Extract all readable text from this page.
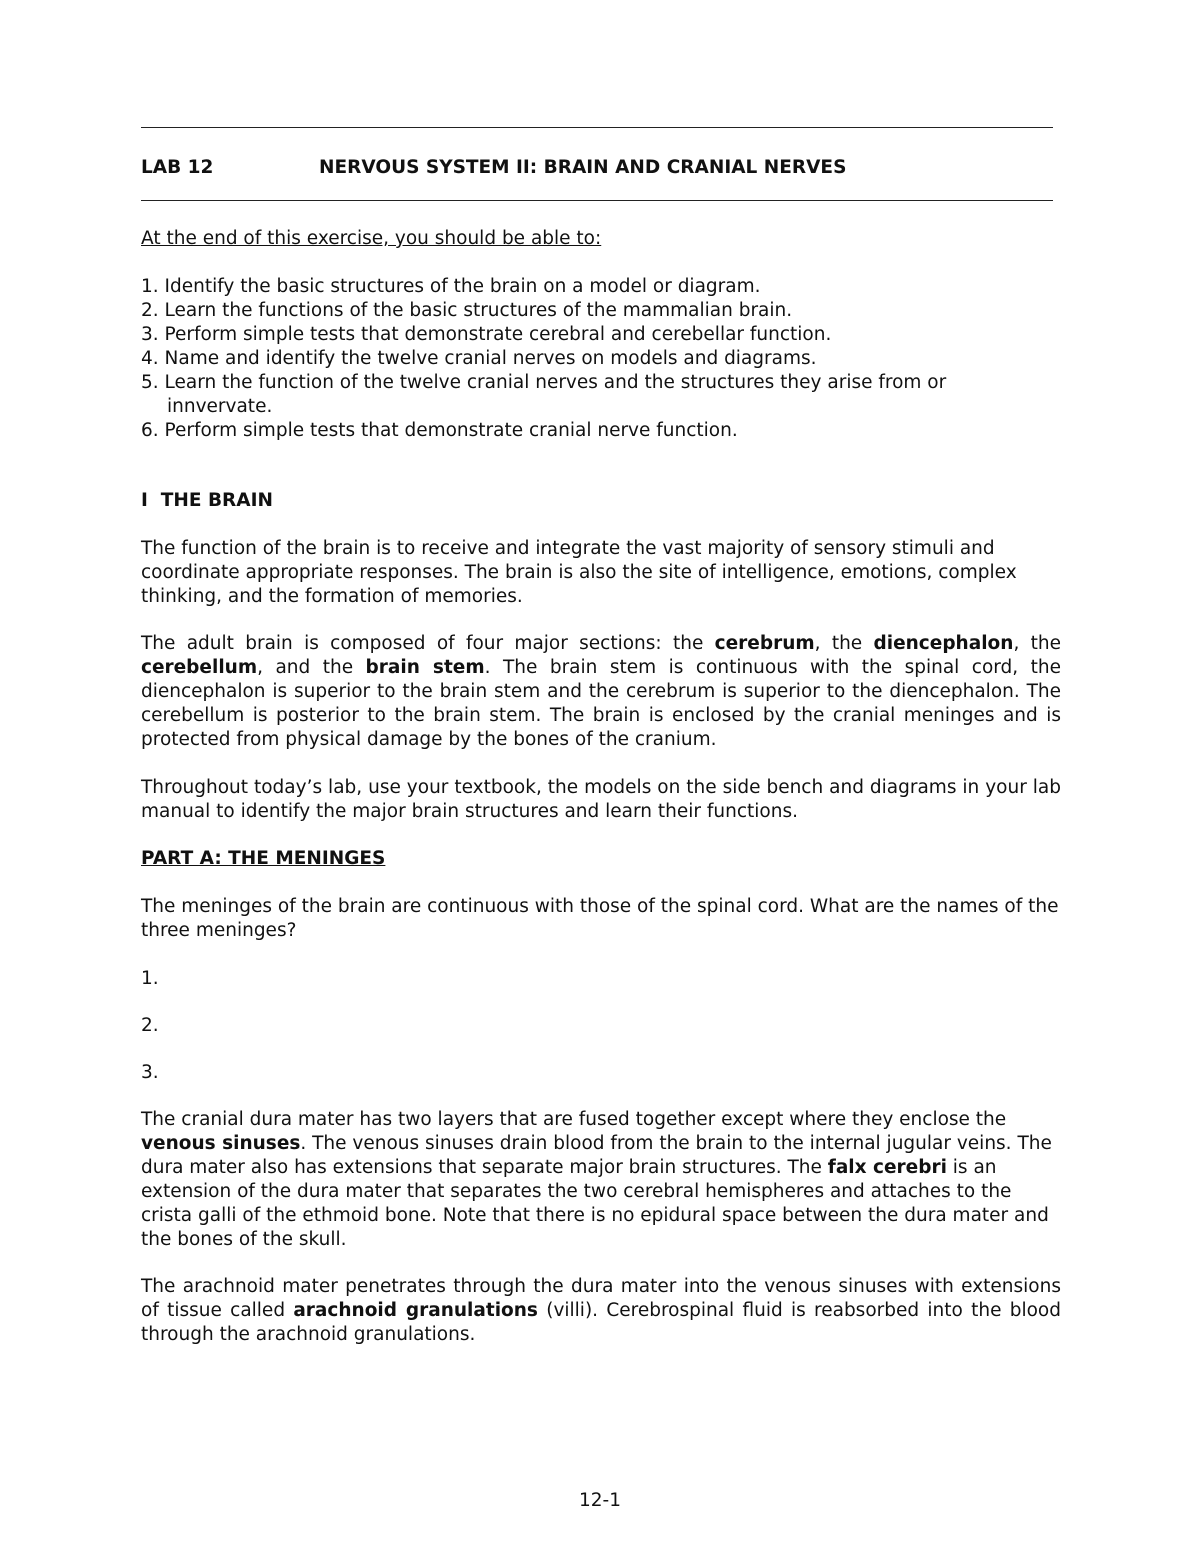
LAB 12	NERVOUS SYSTEM II: BRAIN AND CRANIAL NERVES

At the end of this exercise, you should be able to:

1. Identify the basic structures of the brain on a model or diagram.
2. Learn the functions of the basic structures of the mammalian brain.
3. Perform simple tests that demonstrate cerebral and cerebellar function.
4. Name and identify the twelve cranial nerves on models and diagrams.
5. Learn the function of the twelve cranial nerves and the structures they arise from or innvervate.
6. Perform simple tests that demonstrate cranial nerve function.

I  THE BRAIN

The function of the brain is to receive and integrate the vast majority of sensory stimuli and coordinate appropriate responses. The brain is also the site of intelligence, emotions, complex thinking, and the formation of memories.

The adult brain is composed of four major sections: the cerebrum, the diencephalon, the cerebellum, and the brain stem. The brain stem is continuous with the spinal cord, the diencephalon is superior to the brain stem and the cerebrum is superior to the diencephalon. The cerebellum is posterior to the brain stem. The brain is enclosed by the cranial meninges and is protected from physical damage by the bones of the cranium.

Throughout today’s lab, use your textbook, the models on the side bench and diagrams in your lab manual to identify the major brain structures and learn their functions.

PART A: THE MENINGES

The meninges of the brain are continuous with those of the spinal cord. What are the names of the three meninges?

1.
2.
3.

The cranial dura mater has two layers that are fused together except where they enclose the venous sinuses. The venous sinuses drain blood from the brain to the internal jugular veins. The dura mater also has extensions that separate major brain structures. The falx cerebri is an extension of the dura mater that separates the two cerebral hemispheres and attaches to the crista galli of the ethmoid bone. Note that there is no epidural space between the dura mater and the bones of the skull.

The arachnoid mater penetrates through the dura mater into the venous sinuses with extensions of tissue called arachnoid granulations (villi). Cerebrospinal fluid is reabsorbed into the blood through the arachnoid granulations.

12-1
